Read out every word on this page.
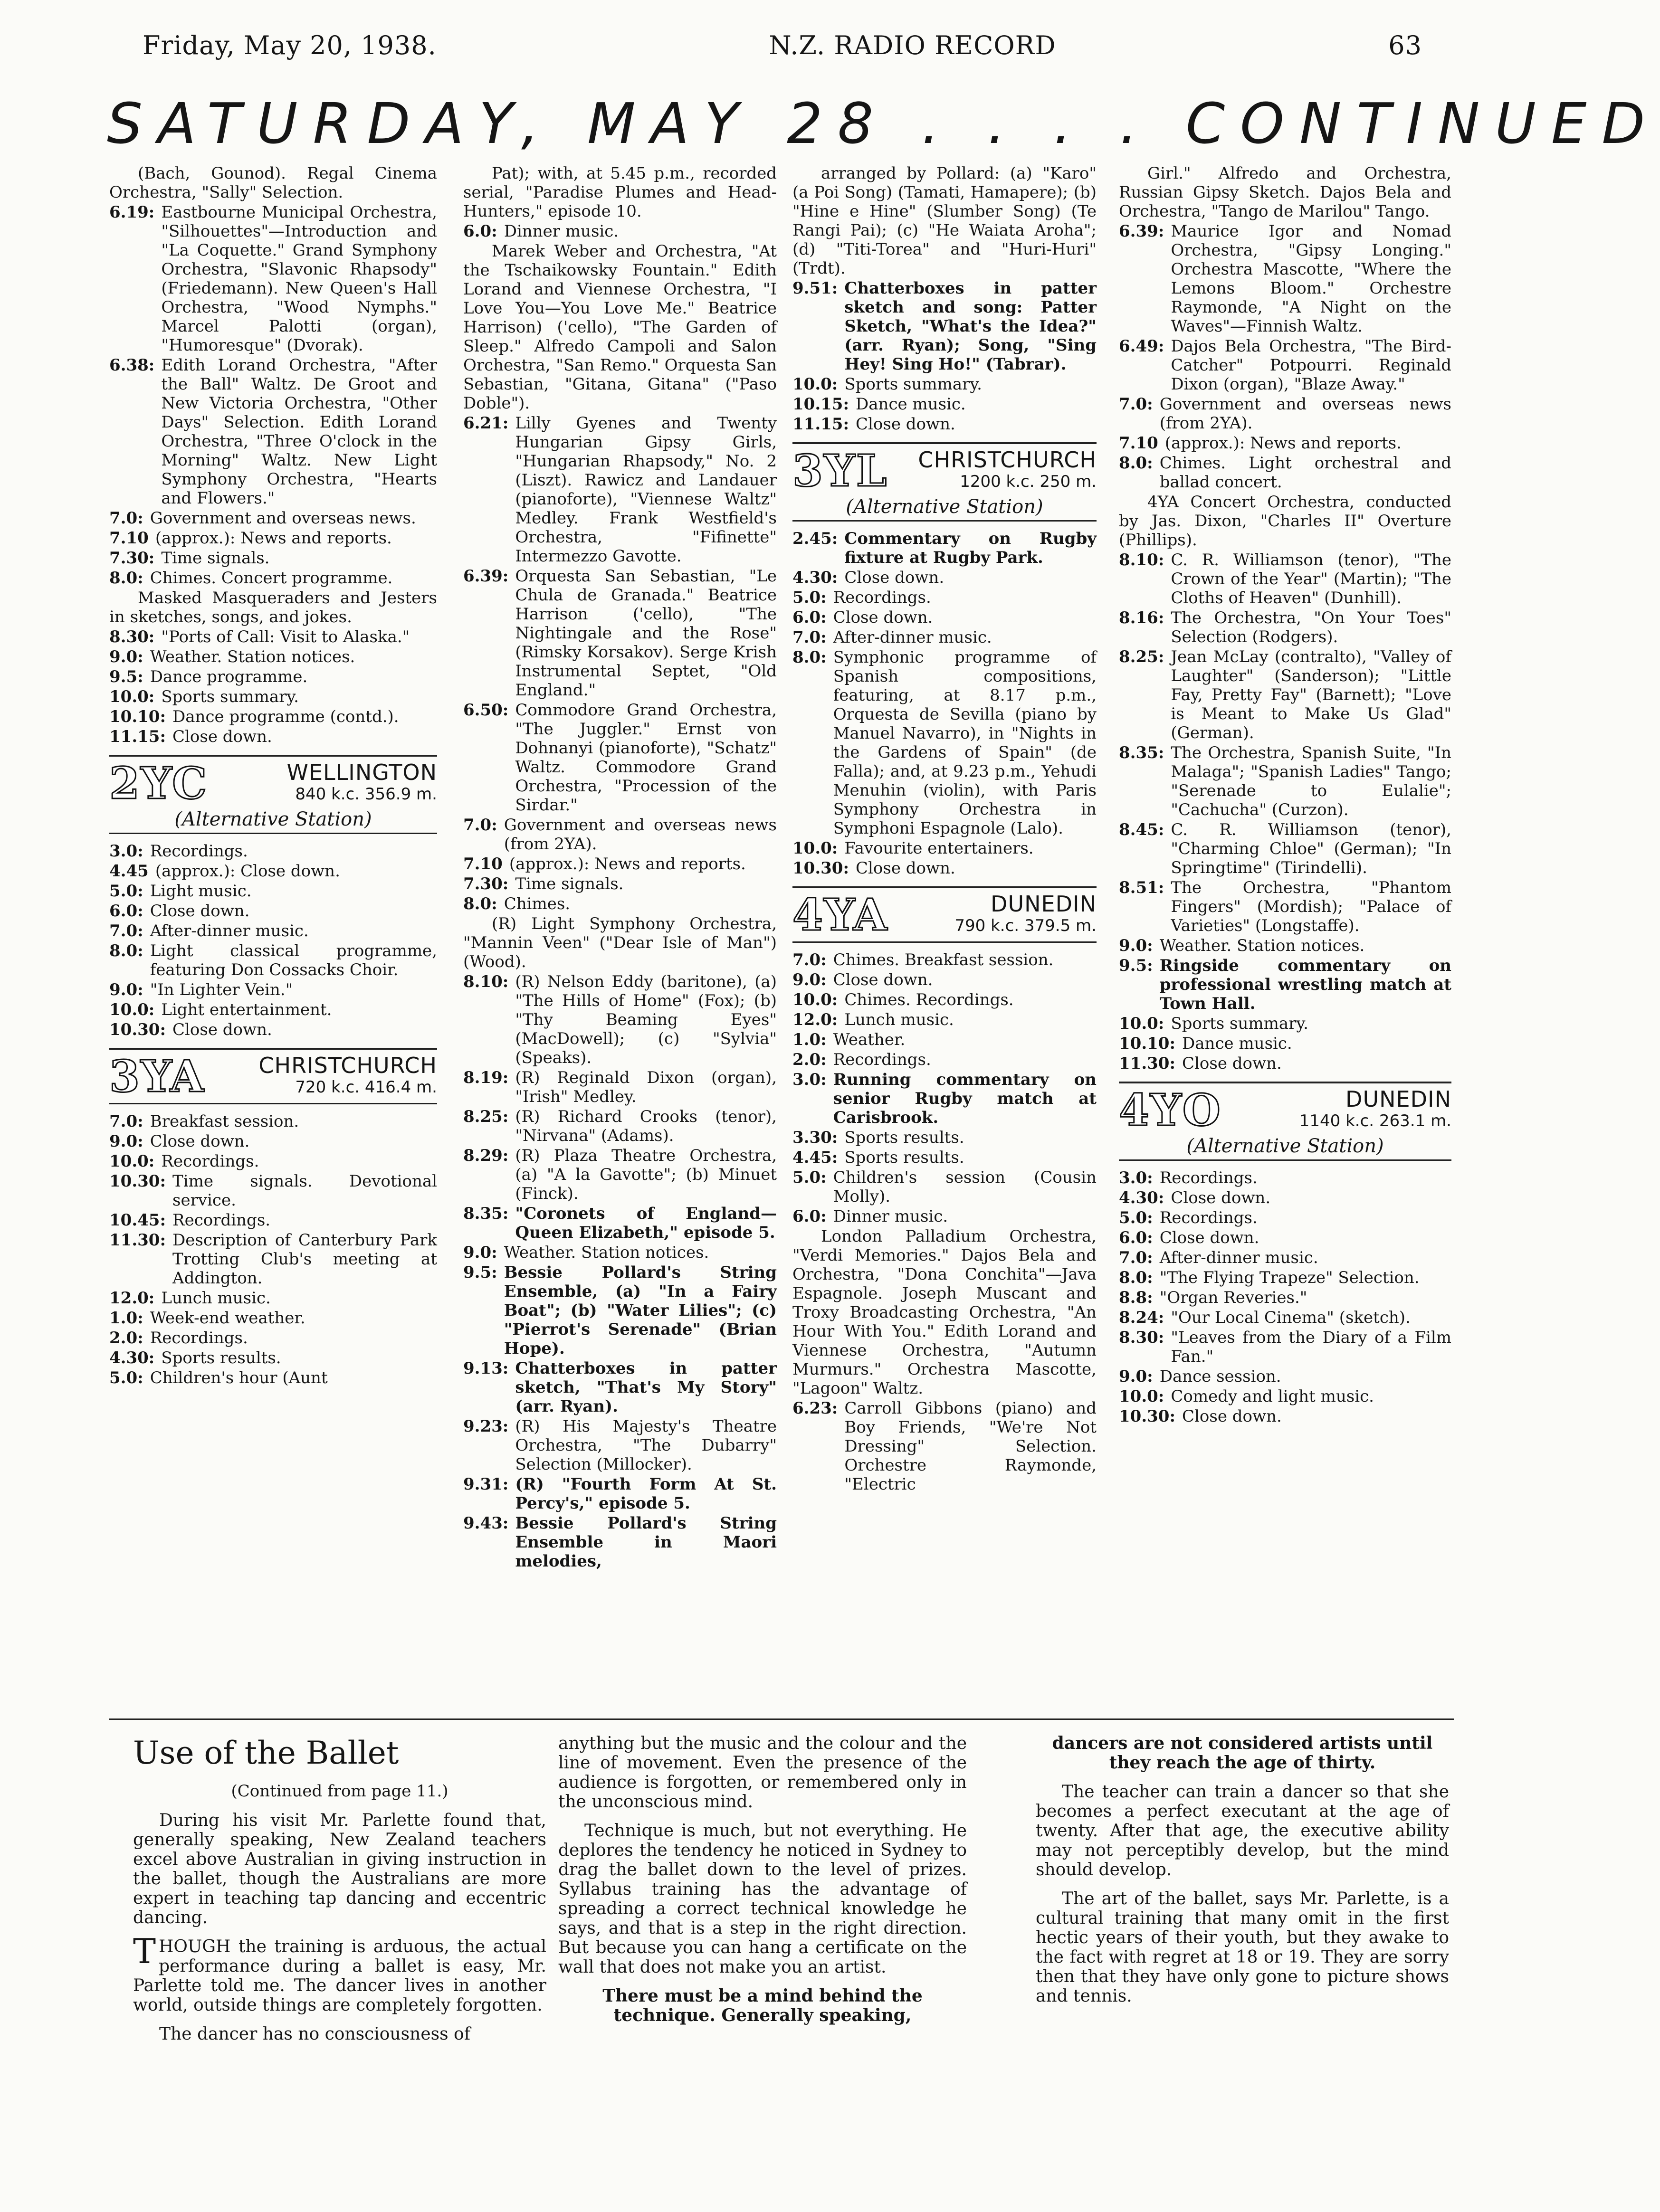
Friday, May 20, 1938.	N.Z. RADIO RECORD	63
SATURDAY, MAY 28 . . . . CONTINUED
(Bach, Gounod). Regal Cinema Orchestra, "Sally" Selection.
6.19: Eastbourne Municipal Orchestra, "Silhouettes"—Introduction and "La Coquette." Grand Symphony Orchestra, "Slavonic Rhapsody" (Friedemann). New Queen's Hall Orchestra, "Wood Nymphs." Marcel Palotti (organ), "Humoresque" (Dvorak).
6.38: Edith Lorand Orchestra, "After the Ball" Waltz. De Groot and New Victoria Orchestra, "Other Days" Selection. Edith Lorand Orchestra, "Three O'clock in the Morning" Waltz. New Light Symphony Orchestra, "Hearts and Flowers."
7.0: Government and overseas news.
7.10 (approx.): News and reports.
7.30: Time signals.
8.0: Chimes. Concert programme.
Masked Masqueraders and Jesters in sketches, songs, and jokes.
8.30: "Ports of Call: Visit to Alaska."
9.0: Weather. Station notices.
9.5: Dance programme.
10.0: Sports summary.
10.10: Dance programme (contd.).
11.15: Close down.
2YC	WELLINGTON
840 k.c. 356.9 m.
(Alternative Station)
3.0: Recordings.
4.45 (approx.): Close down.
5.0: Light music.
6.0: Close down.
7.0: After-dinner music.
8.0: Light classical programme, featuring Don Cossacks Choir.
9.0: "In Lighter Vein."
10.0: Light entertainment.
10.30: Close down.
3YA	CHRISTCHURCH
720 k.c. 416.4 m.
7.0: Breakfast session.
9.0: Close down.
10.0: Recordings.
10.30: Time signals. Devotional service.
10.45: Recordings.
11.30: Description of Canterbury Park Trotting Club's meeting at Addington.
12.0: Lunch music.
1.0: Week-end weather.
2.0: Recordings.
4.30: Sports results.
5.0: Children's hour (Aunt
Pat); with, at 5.45 p.m., recorded serial, "Paradise Plumes and Head-Hunters," episode 10.
6.0: Dinner music.
Marek Weber and Orchestra, "At the Tschaikowsky Fountain." Edith Lorand and Viennese Orchestra, "I Love You—You Love Me." Beatrice Harrison) ('cello), "The Garden of Sleep." Alfredo Campoli and Salon Orchestra, "San Remo." Orquesta San Sebastian, "Gitana, Gitana" ("Paso Doble").
6.21: Lilly Gyenes and Twenty Hungarian Gipsy Girls, "Hungarian Rhapsody," No. 2 (Liszt). Rawicz and Landauer (pianoforte), "Viennese Waltz" Medley. Frank Westfield's Orchestra, "Fifinette" Intermezzo Gavotte.
6.39: Orquesta San Sebastian, "Le Chula de Granada." Beatrice Harrison ('cello), "The Nightingale and the Rose" (Rimsky Korsakov). Serge Krish Instrumental Septet, "Old England."
6.50: Commodore Grand Orchestra, "The Juggler." Ernst von Dohnanyi (pianoforte), "Schatz" Waltz. Commodore Grand Orchestra, "Procession of the Sirdar."
7.0: Government and overseas news (from 2YA).
7.10 (approx.): News and reports.
7.30: Time signals.
8.0: Chimes.
(R) Light Symphony Orchestra, "Mannin Veen" ("Dear Isle of Man") (Wood).
8.10: (R) Nelson Eddy (baritone), (a) "The Hills of Home" (Fox); (b) "Thy Beaming Eyes" (MacDowell); (c) "Sylvia" (Speaks).
8.19: (R) Reginald Dixon (organ), "Irish" Medley.
8.25: (R) Richard Crooks (tenor), "Nirvana" (Adams).
8.29: (R) Plaza Theatre Orchestra, (a) "A la Gavotte"; (b) Minuet (Finck).
8.35: "Coronets of England—Queen Elizabeth," episode 5.
9.0: Weather. Station notices.
9.5: Bessie Pollard's String Ensemble, (a) "In a Fairy Boat"; (b) "Water Lilies"; (c) "Pierrot's Serenade" (Brian Hope).
9.13: Chatterboxes in patter sketch, "That's My Story" (arr. Ryan).
9.23: (R) His Majesty's Theatre Orchestra, "The Dubarry" Selection (Millocker).
9.31: (R) "Fourth Form At St. Percy's," episode 5.
9.43: Bessie Pollard's String Ensemble in Maori melodies,
arranged by Pollard: (a) "Karo" (a Poi Song) (Tamati, Hamapere); (b) "Hine e Hine" (Slumber Song) (Te Rangi Pai); (c) "He Waiata Aroha"; (d) "Titi-Torea" and "Huri-Huri" (Trdt).
9.51: Chatterboxes in patter sketch and song: Patter Sketch, "What's the Idea?" (arr. Ryan); Song, "Sing Hey! Sing Ho!" (Tabrar).
10.0: Sports summary.
10.15: Dance music.
11.15: Close down.
3YL	CHRISTCHURCH
1200 k.c. 250 m.
(Alternative Station)
2.45: Commentary on Rugby fixture at Rugby Park.
4.30: Close down.
5.0: Recordings.
6.0: Close down.
7.0: After-dinner music.
8.0: Symphonic programme of Spanish compositions, featuring, at 8.17 p.m., Orquesta de Sevilla (piano by Manuel Navarro), in "Nights in the Gardens of Spain" (de Falla); and, at 9.23 p.m., Yehudi Menuhin (violin), with Paris Symphony Orchestra in Symphoni Espagnole (Lalo).
10.0: Favourite entertainers.
10.30: Close down.
4YA	DUNEDIN
790 k.c. 379.5 m.
7.0: Chimes. Breakfast session.
9.0: Close down.
10.0: Chimes. Recordings.
12.0: Lunch music.
1.0: Weather.
2.0: Recordings.
3.0: Running commentary on senior Rugby match at Carisbrook.
3.30: Sports results.
4.45: Sports results.
5.0: Children's session (Cousin Molly).
6.0: Dinner music.
London Palladium Orchestra, "Verdi Memories." Dajos Bela and Orchestra, "Dona Conchita"—Java Espagnole. Joseph Muscant and Troxy Broadcasting Orchestra, "An Hour With You." Edith Lorand and Viennese Orchestra, "Autumn Murmurs." Orchestra Mascotte, "Lagoon" Waltz.
6.23: Carroll Gibbons (piano) and Boy Friends, "We're Not Dressing" Selection. Orchestre Raymonde, "Electric
Girl." Alfredo and Orchestra, Russian Gipsy Sketch. Dajos Bela and Orchestra, "Tango de Marilou" Tango.
6.39: Maurice Igor and Nomad Orchestra, "Gipsy Longing." Orchestra Mascotte, "Where the Lemons Bloom." Orchestre Raymonde, "A Night on the Waves"—Finnish Waltz.
6.49: Dajos Bela Orchestra, "The Bird-Catcher" Potpourri. Reginald Dixon (organ), "Blaze Away."
7.0: Government and overseas news (from 2YA).
7.10 (approx.): News and reports.
8.0: Chimes. Light orchestral and ballad concert.
4YA Concert Orchestra, conducted by Jas. Dixon, "Charles II" Overture (Phillips).
8.10: C. R. Williamson (tenor), "The Crown of the Year" (Martin); "The Cloths of Heaven" (Dunhill).
8.16: The Orchestra, "On Your Toes" Selection (Rodgers).
8.25: Jean McLay (contralto), "Valley of Laughter" (Sanderson); "Little Fay, Pretty Fay" (Barnett); "Love is Meant to Make Us Glad" (German).
8.35: The Orchestra, Spanish Suite, "In Malaga"; "Spanish Ladies" Tango; "Serenade to Eulalie"; "Cachucha" (Curzon).
8.45: C. R. Williamson (tenor), "Charming Chloe" (German); "In Springtime" (Tirindelli).
8.51: The Orchestra, "Phantom Fingers" (Mordish); "Palace of Varieties" (Longstaffe).
9.0: Weather. Station notices.
9.5: Ringside commentary on professional wrestling match at Town Hall.
10.0: Sports summary.
10.10: Dance music.
11.30: Close down.
4YO	DUNEDIN
1140 k.c. 263.1 m.
(Alternative Station)
3.0: Recordings.
4.30: Close down.
5.0: Recordings.
6.0: Close down.
7.0: After-dinner music.
8.0: "The Flying Trapeze" Selection.
8.8: "Organ Reveries."
8.24: "Our Local Cinema" (sketch).
8.30: "Leaves from the Diary of a Film Fan."
9.0: Dance session.
10.0: Comedy and light music.
10.30: Close down.
Use of the Ballet
(Continued from page 11.)

During his visit Mr. Parlette found that, generally speaking, New Zealand teachers excel above Australian in giving instruction in the ballet, though the Australians are more expert in teaching tap dancing and eccentric dancing.

THOUGH the training is arduous, the actual performance during a ballet is easy, Mr. Parlette told me. The dancer lives in another world, outside things are completely forgotten.

The dancer has no consciousness of

anything but the music and the colour and the line of movement. Even the presence of the audience is forgotten, or remembered only in the unconscious mind.

Technique is much, but not everything. He deplores the tendency he noticed in Sydney to drag the ballet down to the level of prizes. Syllabus training has the advantage of spreading a correct technical knowledge he says, and that is a step in the right direction. But because you can hang a certificate on the wall that does not make you an artist.

There must be a mind behind the technique. Generally speaking,

dancers are not considered artists until they reach the age of thirty.

The teacher can train a dancer so that she becomes a perfect executant at the age of twenty. After that age, the executive ability may not perceptibly develop, but the mind should develop.

The art of the ballet, says Mr. Parlette, is a cultural training that many omit in the first hectic years of their youth, but they awake to the fact with regret at 18 or 19. They are sorry then that they have only gone to picture shows and tennis.
